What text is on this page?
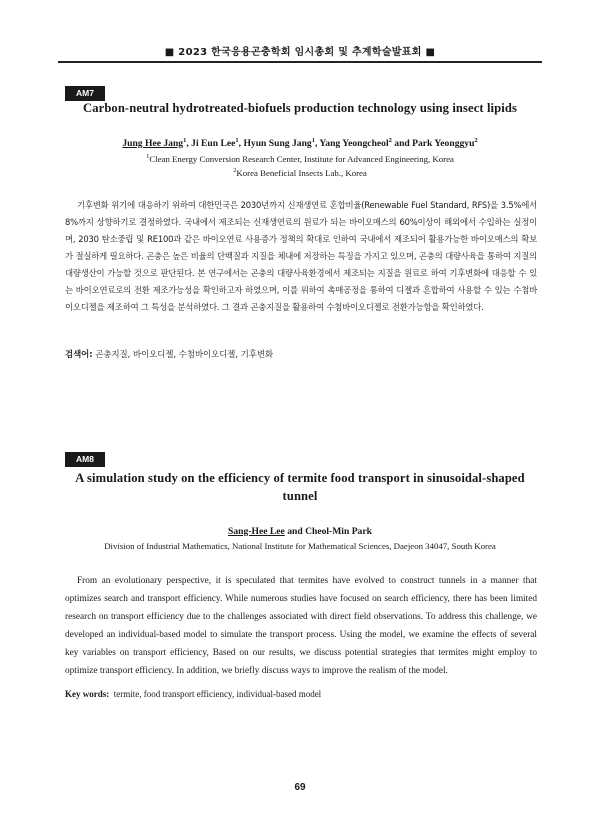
■ 2023 한국응용곤충학회 임시총회 및 추계학술발표회 ■
AM7
Carbon-neutral hydrotreated-biofuels production technology using insect lipids
Jung Hee Jang$^1$, Ji Eun Lee$^1$, Hyun Sung Jang$^1$, Yang Yeongcheol$^2$ and Park Yeonggyu$^2$
$^1$Clean Energy Conversion Research Center, Institute for Advanced Engineering, Korea
$^2$Korea Beneficial Insects Lab., Korea

기후변화 위기에 대응하기 위하여 대한민국은 2030년까지 신재생연료 혼합비율(Renewable Fuel Standard, RFS)을 3.5%에서 8%까지 상향하기로 결정하였다. 국내에서 제조되는 신재생연료의 원료가 되는 바이오매스의 60%이상이 해외에서 수입하는 실정이며, 2030 탄소중립 및 RE100과 같은 바이오연료 사용증가 정책의 확대로 인하여 국내에서 제조되어 활용가능한 바이오매스의 확보가 절실하게 필요하다. 곤충은 높은 비율의 단백질과 지질을 체내에 저장하는 특징을 가지고 있으며, 곤충의 대량사육을 통하여 지질의 대량생산이 가능할 것으로 판단된다. 본 연구에서는 곤충의 대량사육환경에서 제조되는 지질을 원료로 하여 기후변화에 대응할 수 있는 바이오연료로의 전환 제조가능성을 확인하고자 하였으며, 이를 위하여 촉매공정을 통하여 디젤과 혼합하여 사용할 수 있는 수첨바이오디젤을 제조하여 그 특성을 분석하였다. 그 결과 곤충지질을 활용하여 수첨바이오디젤로 전환가능함을 확인하였다.

검색어: 곤충지질, 바이오디젤, 수첨바이오디젤, 기후변화
AM8
A simulation study on the efficiency of termite food transport in sinusoidal-shaped tunnel
Sang-Hee Lee and Cheol-Min Park
Division of Industrial Mathematics, National Institute for Mathematical Sciences, Daejeon 34047, South Korea

From an evolutionary perspective, it is speculated that termites have evolved to construct tunnels in a manner that optimizes search and transport efficiency. While numerous studies have focused on search efficiency, there has been limited research on transport efficiency due to the challenges associated with direct field observations. To address this challenge, we developed an individual-based model to simulate the transport process. Using the model, we examine the effects of several key variables on transport efficiency, Based on our results, we discuss potential strategies that termites might employ to optimize transport efficiency. In addition, we briefly discuss ways to improve the realism of the model.

Key words: termite, food transport efficiency, individual-based model
69
